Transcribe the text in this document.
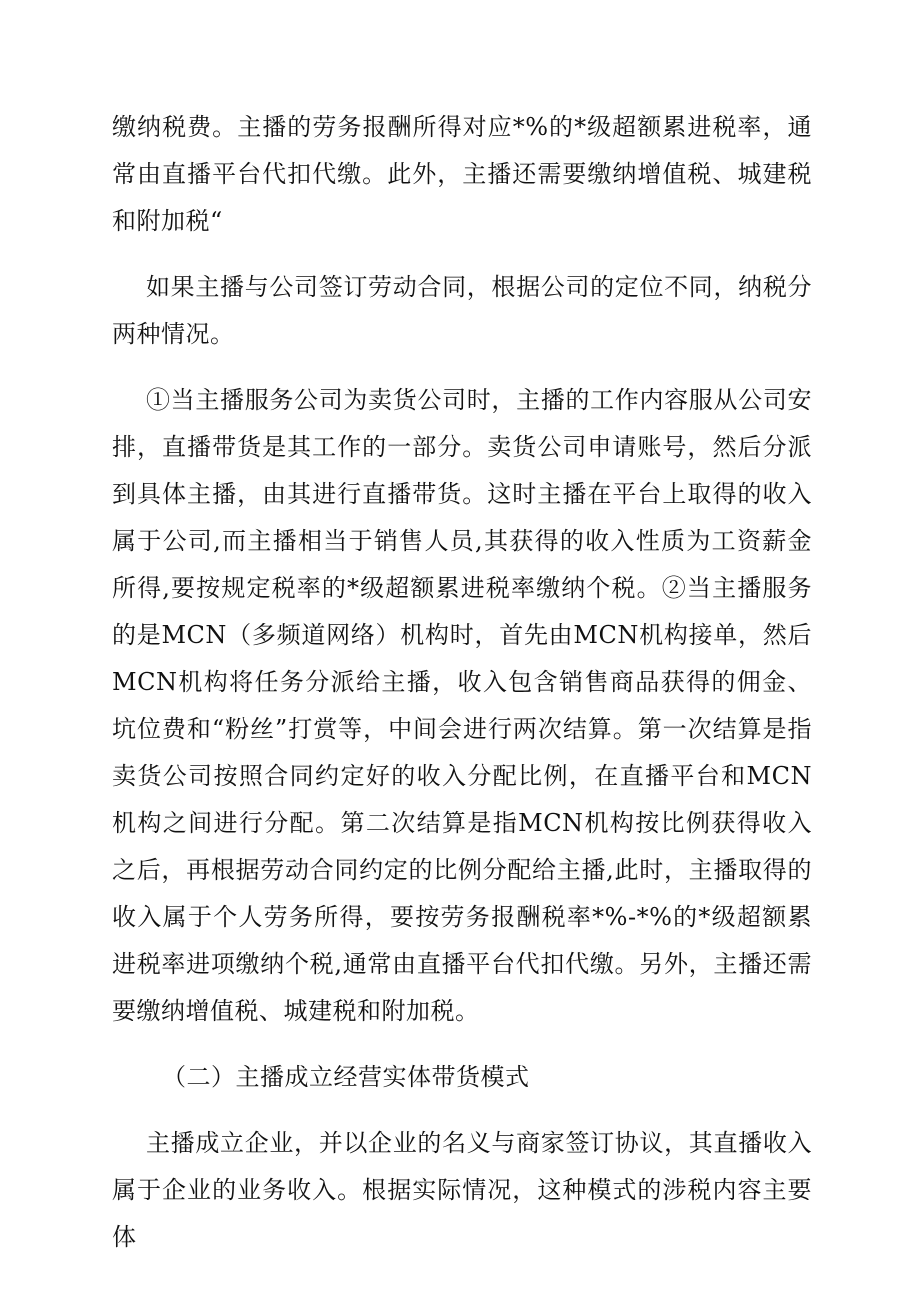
缴纳税费。主播的劳务报酬所得对应*%的*级超额累进税率，通常由直播平台代扣代缴。此外，主播还需要缴纳增值税、城建税和附加税“

如果主播与公司签订劳动合同，根据公司的定位不同，纳税分两种情况。

①当主播服务公司为卖货公司时，主播的工作内容服从公司安排，直播带货是其工作的一部分。卖货公司申请账号，然后分派到具体主播，由其进行直播带货。这时主播在平台上取得的收入属于公司,而主播相当于销售人员,其获得的收入性质为工资薪金所得,要按规定税率的*级超额累进税率缴纳个税。②当主播服务的是MCN（多频道网络）机构时，首先由MCN机构接单，然后MCN机构将任务分派给主播，收入包含销售商品获得的佣金、坑位费和“粉丝”打赏等，中间会进行两次结算。第一次结算是指卖货公司按照合同约定好的收入分配比例，在直播平台和MCN机构之间进行分配。第二次结算是指MCN机构按比例获得收入之后，再根据劳动合同约定的比例分配给主播,此时，主播取得的收入属于个人劳务所得，要按劳务报酬税率*%-*%的*级超额累进税率进项缴纳个税,通常由直播平台代扣代缴。另外，主播还需要缴纳增值税、城建税和附加税。

（二）主播成立经营实体带货模式

主播成立企业，并以企业的名义与商家签订协议，其直播收入属于企业的业务收入。根据实际情况，这种模式的涉税内容主要体
